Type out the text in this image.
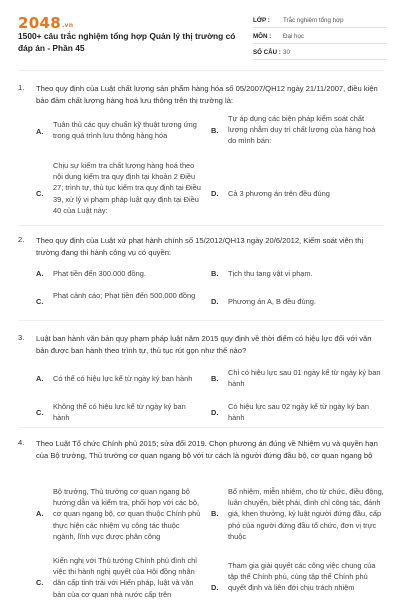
2048.vn
1500+ câu trắc nghiệm tổng hợp Quản lý thị trường có đáp án - Phần 45
LỚP : Trắc nghiệm tổng hợp
MÔN : Đại học
SỐ CÂU : 30
1. Theo quy định của Luật chất lượng sản phẩm hàng hóa số 05/2007/QH12 ngày 21/11/2007, điều kiện bảo đảm chất lượng hàng hoá lưu thông trên thị trường là:
A.
Tuân thủ các quy chuẩn kỹ thuật tương ứng trong quá trình lưu thông hàng hóa
B.
Tự áp dụng các biện pháp kiểm soát chất lượng nhằm duy trì chất lượng của hàng hoá do mình bán:
C.
Chịu sự kiểm tra chất lượng hàng hoá theo nội dung kiểm tra quy định tại khoản 2 Điều 27; trình tự, thủ tục kiểm tra quy định tại Điều 39, xử lý vi phạm pháp luật quy định tại Điều 40 của Luật này:
D. Cả 3 phương án trên đều đúng
2. Theo quy định của Luật xử phạt hành chính số 15/2012/QH13 ngày 20/6/2012, Kiểm soát viên thị trường đang thi hành công vụ có quyền:
A. Phạt tiền đến 300.000 đồng.	B. Tịch thu tang vật vi phạm.
C.
Phạt cảnh cáo; Phạt tiền đến 500.000 đồng
D. Phương án A, B đều đúng.
3. Luật ban hành văn bản quy phạm pháp luật năm 2015 quy định về thời điểm có hiệu lực đối với văn bản được ban hành theo trình tự, thủ tục rút gọn như thế nào?
A. Có thể có hiệu lực kể từ ngày ký ban hành	B.
Chỉ có hiệu lực sau 01 ngày kể từ ngày ký ban hành
C.
Không thể có hiệu lực kể từ ngày ký ban hành
D.
Có hiệu lực sau 02 ngày kể từ ngày ký ban hành
4. Theo Luật Tổ chức Chính phủ 2015; sửa đổi 2019. Chọn phương án đúng về Nhiệm vụ và quyền hạn của Bộ trưởng, Thủ trưởng cơ quan ngang bộ với tư cách là người đứng đầu bộ, cơ quan ngang bộ
A.
Bộ trưởng, Thủ trưởng cơ quan ngang bộ hướng dẫn và kiểm tra, phối hợp với các bộ, cơ quan ngang bộ, cơ quan thuộc Chính phủ thực hiện các nhiệm vụ công tác thuộc ngành, lĩnh vực được phân công
B.
Bổ nhiệm, miễn nhiệm, cho từ chức, điều động, luân chuyển, biệt phái, đình chỉ công tác, đánh giá, khen thưởng, kỷ luật người đứng đầu, cấp phó của người đứng đầu tổ chức, đơn vị trực thuộc
C.
Kiến nghị với Thủ tướng Chính phủ đình chỉ việc thi hành nghị quyết của Hội đồng nhân dân cấp tỉnh trái với Hiến pháp, luật và văn bản của cơ quan nhà nước cấp trên
D.
Tham gia giải quyết các công việc chung của tập thể Chính phủ, cùng tập thể Chính phủ quyết định và liên đới chịu trách nhiệm
